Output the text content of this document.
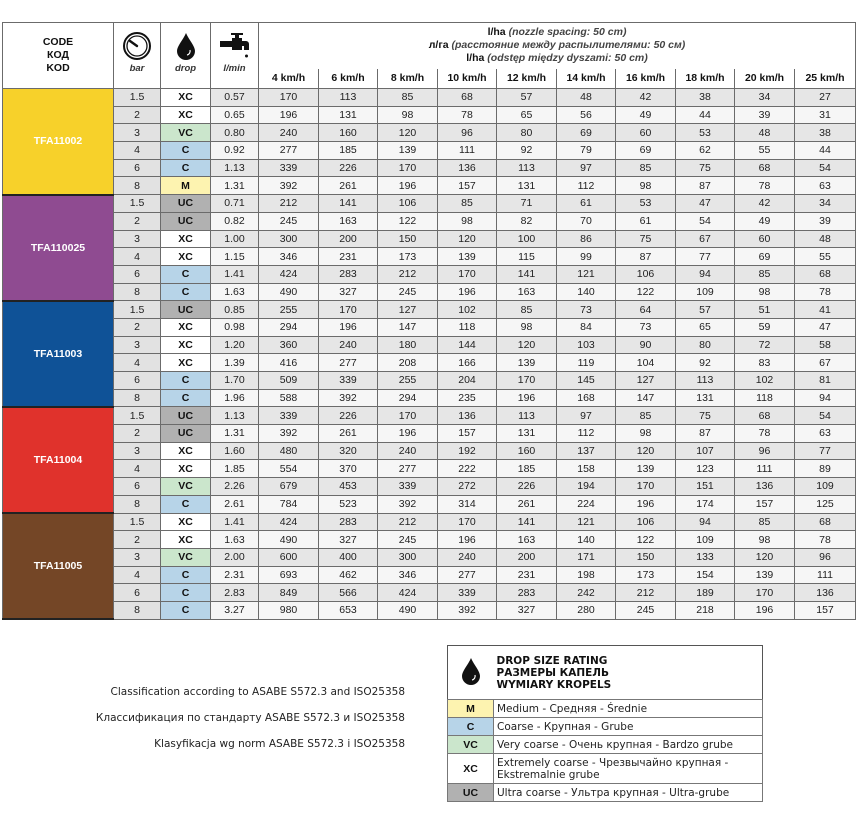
CODE
КОД
KOD	bar	drop	l/min

l/ha (nozzle spacing: 50 cm)
л/га (расстояние между распылителями: 50 см)
l/ha (odstęp między dyszami: 50 cm)

				4 km/h	6 km/h	8 km/h	10 km/h	12 km/h	14 km/h	16 km/h	18 km/h	20 km/h	25 km/h
TFA11002	1.5	XC	0.57	170	113	85	68	57	48	42	38	34	27
	2	XC	0.65	196	131	98	78	65	56	49	44	39	31
	3	VC	0.80	240	160	120	96	80	69	60	53	48	38
	4	C	0.92	277	185	139	111	92	79	69	62	55	44
	6	C	1.13	339	226	170	136	113	97	85	75	68	54
	8	M	1.31	392	261	196	157	131	112	98	87	78	63
TFA110025	1.5	UC	0.71	212	141	106	85	71	61	53	47	42	34
	2	UC	0.82	245	163	122	98	82	70	61	54	49	39
	3	XC	1.00	300	200	150	120	100	86	75	67	60	48
	4	XC	1.15	346	231	173	139	115	99	87	77	69	55
	6	C	1.41	424	283	212	170	141	121	106	94	85	68
	8	C	1.63	490	327	245	196	163	140	122	109	98	78
TFA11003	1.5	UC	0.85	255	170	127	102	85	73	64	57	51	41
	2	XC	0.98	294	196	147	118	98	84	73	65	59	47
	3	XC	1.20	360	240	180	144	120	103	90	80	72	58
	4	XC	1.39	416	277	208	166	139	119	104	92	83	67
	6	C	1.70	509	339	255	204	170	145	127	113	102	81
	8	C	1.96	588	392	294	235	196	168	147	131	118	94
TFA11004	1.5	UC	1.13	339	226	170	136	113	97	85	75	68	54
	2	UC	1.31	392	261	196	157	131	112	98	87	78	63
	3	XC	1.60	480	320	240	192	160	137	120	107	96	77
	4	XC	1.85	554	370	277	222	185	158	139	123	111	89
	6	VC	2.26	679	453	339	272	226	194	170	151	136	109
	8	C	2.61	784	523	392	314	261	224	196	174	157	125
TFA11005	1.5	XC	1.41	424	283	212	170	141	121	106	94	85	68
	2	XC	1.63	490	327	245	196	163	140	122	109	98	78
	3	VC	2.00	600	400	300	240	200	171	150	133	120	96
	4	C	2.31	693	462	346	277	231	198	173	154	139	111
	6	C	2.83	849	566	424	339	283	242	212	189	170	136
	8	C	3.27	980	653	490	392	327	280	245	218	196	157
Classification according to ASABE S572.3 and ISO25358
Классификация по стандарту ASABE S572.3 и ISO25358
Klasyfikacja wg norm ASABE S572.3 i ISO25358

DROP SIZE RATING
РАЗМЕРЫ КАПЕЛЬ
WYMIARY KROPELS

M	Medium - Средняя - Średnie
C	Coarse - Крупная - Grube
VC	Very coarse - Очень крупная - Bardzo grube
XC	Extremely coarse - Чрезвычайно крупная - Ekstremalnie grube
UC	Ultra coarse - Ультра крупная - Ultra-grube
